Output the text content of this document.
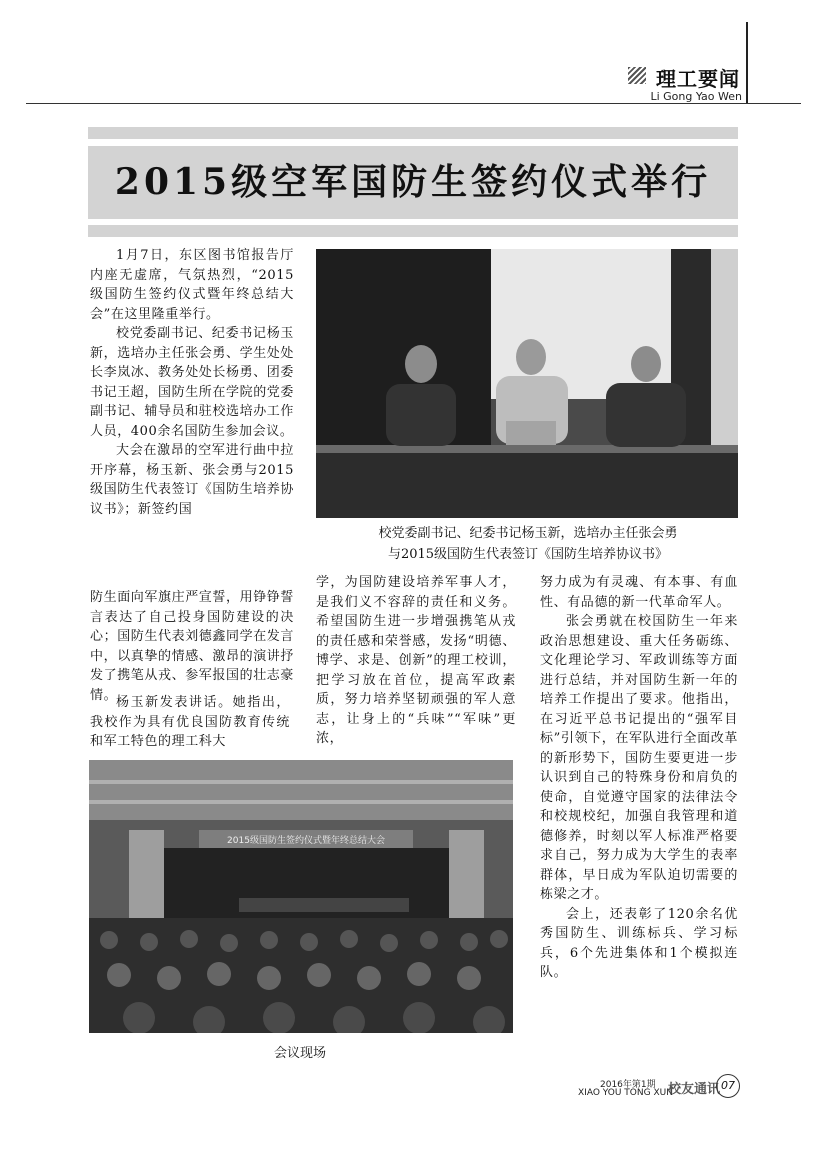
理工要闻
Li Gong Yao Wen
2015级空军国防生签约仪式举行

1月7日，东区图书馆报告厅内座无虚席，气氛热烈，“2015级国防生签约仪式暨年终总结大会”在这里隆重举行。

校党委副书记、纪委书记杨玉新，选培办主任张会勇、学生处处长李岚冰、教务处处长杨勇、团委书记王超，国防生所在学院的党委副书记、辅导员和驻校选培办工作人员，400余名国防生参加会议。

大会在激昂的空军进行曲中拉开序幕，杨玉新、张会勇与2015级国防生代表签订《国防生培养协议书》；新签约国

防生面向军旗庄严宣誓，用铮铮誓言表达了自己投身国防建设的决心；国防生代表刘德鑫同学在发言中，以真挚的情感、激昂的演讲抒发了携笔从戎、参军报国的壮志豪情。

杨玉新发表讲话。她指出，我校作为具有优良国防教育传统和军工特色的理工科大

校党委副书记、纪委书记杨玉新，选培办主任张会勇
与2015级国防生代表签订《国防生培养协议书》

学，为国防建设培养军事人才，是我们义不容辞的责任和义务。希望国防生进一步增强携笔从戎的责任感和荣誉感，发扬“明德、博学、求是、创新”的理工校训，把学习放在首位，提高军政素质，努力培养坚韧顽强的军人意志，让身上的“兵味”“军味”更浓，

努力成为有灵魂、有本事、有血性、有品德的新一代革命军人。

张会勇就在校国防生一年来政治思想建设、重大任务砺练、文化理论学习、军政训练等方面进行总结，并对国防生新一年的培养工作提出了要求。他指出，在习近平总书记提出的“强军目标”引领下，在军队进行全面改革的新形势下，国防生要更进一步认识到自己的特殊身份和肩负的使命，自觉遵守国家的法律法令和校规校纪，加强自我管理和道德修养，时刻以军人标准严格要求自己，努力成为大学生的表率群体，早日成为军队迫切需要的栋梁之才。

会上，还表彰了120余名优秀国防生、训练标兵、学习标兵，6个先进集体和1个模拟连队。

2015级国防生签约仪式暨年终总结大会
会议现场
2016年第1期
XIAO YOU TONG XUN
校友通讯 07
